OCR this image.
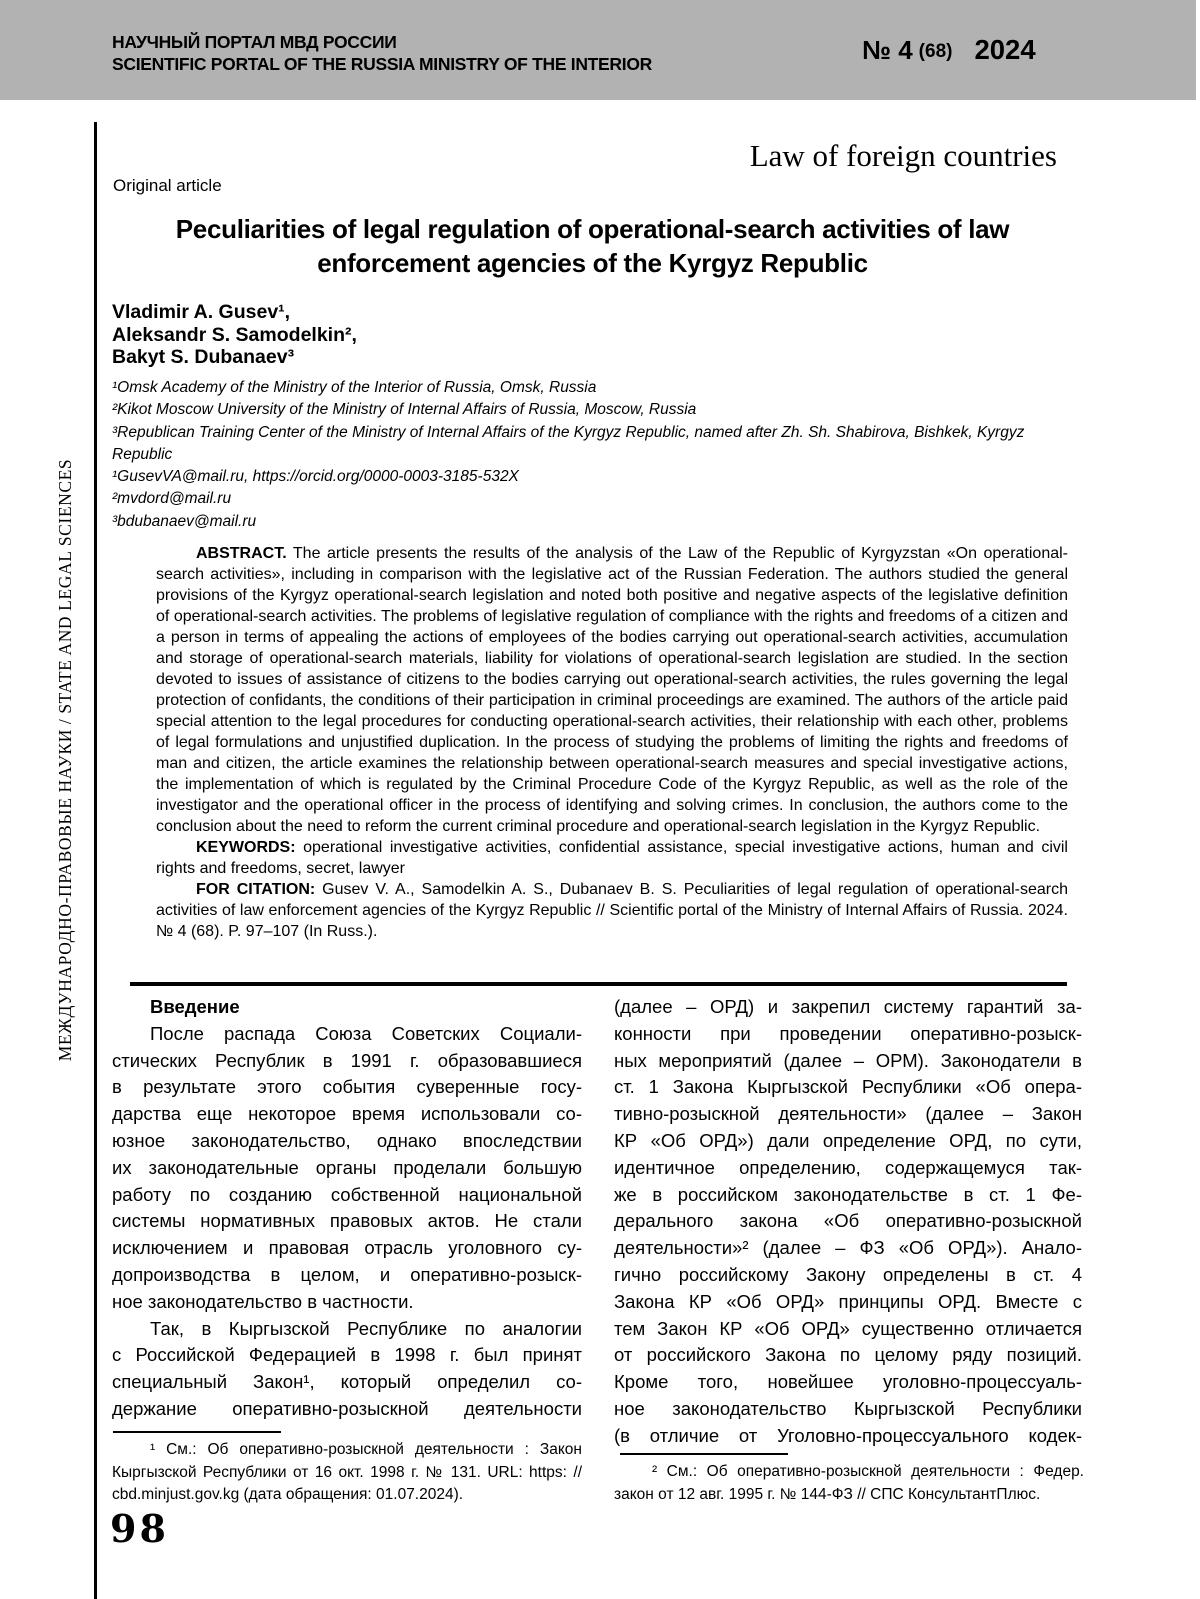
НАУЧНЫЙ ПОРТАЛ МВД РОССИИ
SCIENTIFIC PORTAL OF THE RUSSIA MINISTRY OF THE INTERIOR	№ 4 (68) 2024
МЕЖДУНАРОДНО-ПРАВОВЫЕ НАУКИ / STATE AND LEGAL SCIENCES
Law of foreign countries
Original article
Peculiarities of legal regulation of operational-search activities of law enforcement agencies of the Kyrgyz Republic
Vladimir A. Gusev¹,
Aleksandr S. Samodelkin²,
Bakyt S. Dubanaev³
¹Omsk Academy of the Ministry of the Interior of Russia, Omsk, Russia
²Kikot Moscow University of the Ministry of Internal Affairs of Russia, Moscow, Russia
³Republican Training Center of the Ministry of Internal Affairs of the Kyrgyz Republic, named after Zh. Sh. Shabirova, Bishkek, Kyrgyz Republic
¹GusevVA@mail.ru, https://orcid.org/0000-0003-3185-532X
²mvdord@mail.ru
³bdubanaev@mail.ru

ABSTRACT. The article presents the results of the analysis of the Law of the Republic of Kyrgyzstan «On operational-search activities», including in comparison with the legislative act of the Russian Federation. The authors studied the general provisions of the Kyrgyz operational-search legislation and noted both positive and negative aspects of the legislative definition of operational-search activities. The problems of legislative regulation of compliance with the rights and freedoms of a citizen and a person in terms of appealing the actions of employees of the bodies carrying out operational-search activities, accumulation and storage of operational-search materials, liability for violations of operational-search legislation are studied. In the section devoted to issues of assistance of citizens to the bodies carrying out operational-search activities, the rules governing the legal protection of confidants, the conditions of their participation in criminal proceedings are examined. The authors of the article paid special attention to the legal procedures for conducting operational-search activities, their relationship with each other, problems of legal formulations and unjustified duplication. In the process of studying the problems of limiting the rights and freedoms of man and citizen, the article examines the relationship between operational-search measures and special investigative actions, the implementation of which is regulated by the Criminal Procedure Code of the Kyrgyz Republic, as well as the role of the investigator and the operational officer in the process of identifying and solving crimes. In conclusion, the authors come to the conclusion about the need to reform the current criminal procedure and operational-search legislation in the Kyrgyz Republic.

KEYWORDS: operational investigative activities, confidential assistance, special investigative actions, human and civil rights and freedoms, secret, lawyer

FOR CITATION: Gusev V. A., Samodelkin A. S., Dubanaev B. S. Peculiarities of legal regulation of operational-search activities of law enforcement agencies of the Kyrgyz Republic // Scientific portal of the Ministry of Internal Affairs of Russia. 2024. № 4 (68). P. 97–107 (In Russ.).

Введение
После распада Союза Советских Социали-
стических Республик в 1991 г. образовавшиеся
в результате этого события суверенные госу-
дарства еще некоторое время использовали со-
юзное законодательство, однако впоследствии
их законодательные органы проделали большую
работу по созданию собственной национальной
системы нормативных правовых актов. Не стали
исключением и правовая отрасль уголовного су-
допроизводства в целом, и оперативно-розыск-
ное законодательство в частности.
Так, в Кыргызской Республике по аналогии
с Российской Федерацией в 1998 г. был принят
специальный Закон¹, который определил со-
держание оперативно-розыскной деятельности
(далее – ОРД) и закрепил систему гарантий за-
конности при проведении оперативно-розыск-
ных мероприятий (далее – ОРМ). Законодатели в
ст. 1 Закона Кыргызской Республики «Об опера-
тивно-розыскной деятельности» (далее – Закон
КР «Об ОРД») дали определение ОРД, по сути,
идентичное определению, содержащемуся так-
же в российском законодательстве в ст. 1 Фе-
дерального закона «Об оперативно-розыскной
деятельности»² (далее – ФЗ «Об ОРД»). Анало-
гично российскому Закону определены в ст. 4
Закона КР «Об ОРД» принципы ОРД. Вместе с
тем Закон КР «Об ОРД» существенно отличается
от российского Закона по целому ряду позиций.
Кроме того, новейшее уголовно-процессуаль-
ное законодательство Кыргызской Республики
(в отличие от Уголовно-процессуального кодек-
¹ См.: Об оперативно-розыскной деятельности : Закон
Кыргызской Республики от 16 окт. 1998 г. № 131. URL: https: //
cbd.minjust.gov.kg (дата обращения: 01.07.2024).
² См.: Об оперативно-розыскной деятельности : Федер.
закон от 12 авг. 1995 г. № 144-ФЗ // СПС КонсультантПлюс.
98
